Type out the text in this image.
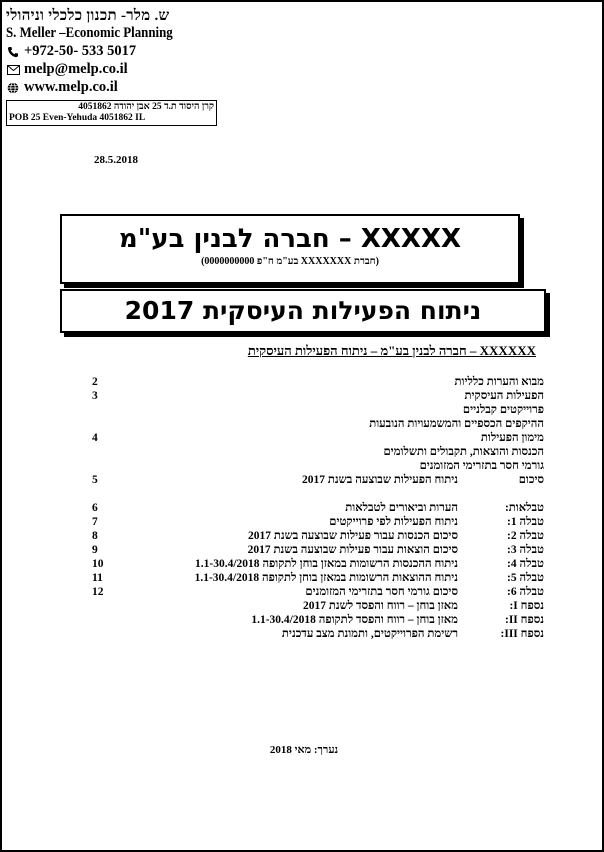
ש. מלר- תכנון כלכלי וניהולי
S. Meller –Economic Planning
+972-50- 533 5017
melp@melp.co.il
www.melp.co.il
קרן היסוד ת.ד 25 אבן יהודה 4051862
POB 25 Even-Yehuda 4051862 IL
28.5.2018
XXXXX – חברה לבנין בע"מ
(חברת XXXXXXX בע"מ ח"פ 0000000000)
ניתוח הפעילות העיסקית 2017
XXXXXX – חברה לבנין בע"מ – ניתוח הפעילות העיסקית
2	מבוא והערות כלליות
3	הפעילות העיסקית
פרוייקטים קבלניים
ההיקפים הכספיים והמשמעויות הנובעות
4	מימון הפעילות
הכנסות והוצאות, תקבולים ותשלומים
גורמי חסר בתזרימי המזומנים
5	סיכום
ניתוח הפעילות שבוצעה בשנת 2017
6	טבלאות:
הערות וביאורים לטבלאות
7	טבלה 1:
ניתוח הפעילות לפי פרוייקטים
8	טבלה 2:
סיכום הכנסות עבור פעילות שבוצעה בשנת 2017
9	טבלה 3:
סיכום הוצאות עבור פעילות שבוצעה בשנת 2017
10	טבלה 4:
ניתוח ההכנסות הרשומות במאזן בוחן לתקופה 1.1-30.4/2018
11	טבלה 5:
ניתוח ההוצאות הרשומות במאזן בוחן לתקופה 1.1-30.4/2018
12	טבלה 6:
סיכום גורמי חסר בתזרימי המזומנים
נספח I:
מאזן בוחן – רווח והפסד לשנת 2017
נספח II:
מאזן בוחן – רווח והפסד לתקופה 1.1-30.4/2018
נספח III:
רשימת הפרוייקטים, ותמונת מצב עדכנית
נערך: מאי 2018
